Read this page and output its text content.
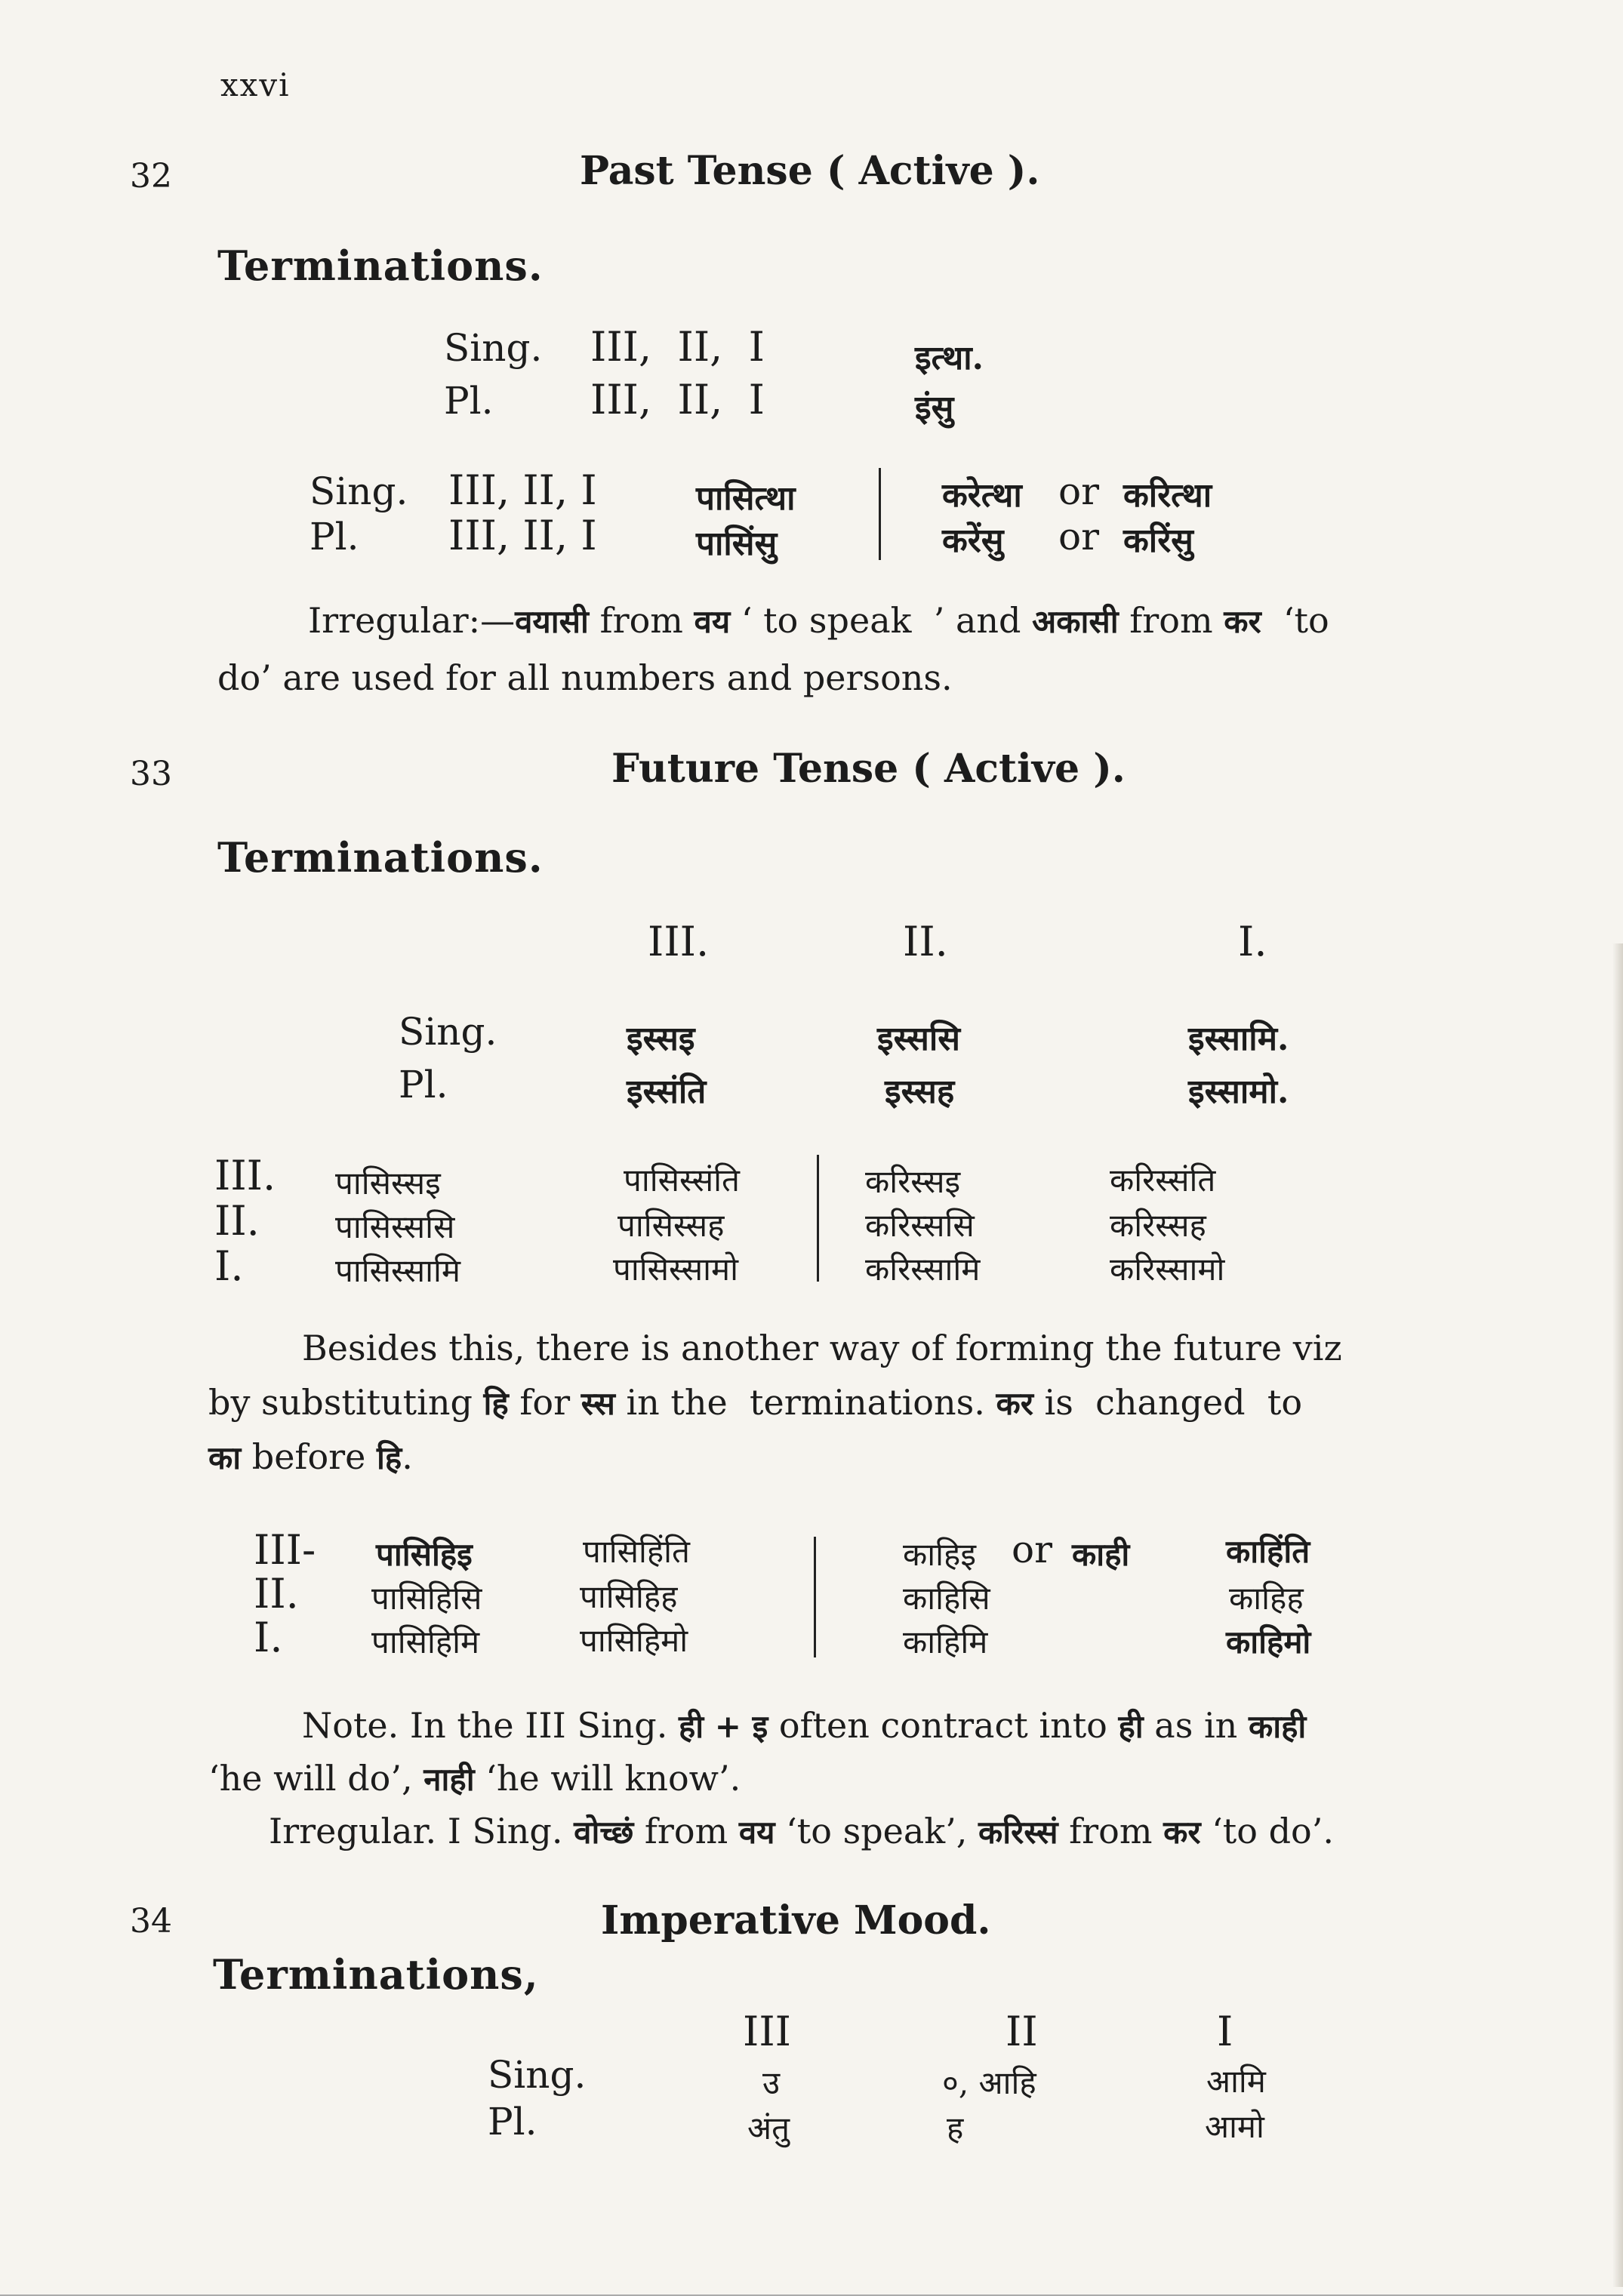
xxvi
32	Past Tense ( Active ).
Terminations.
Sing. III,  II,  I	इत्था.
Pl. III,  II,  I	इंसु
Sing. III, II, I	पासित्था	करेत्था or करित्था
Pl. III, II, I	पासिंसु	करेंसु or करिंसु
Irregular:—वयासी from वय ‘ to speak  ’ and अकासी from कर  ‘to
do’ are used for all numbers and persons.
33	Future Tense ( Active ).
Terminations.
III.	II.	I.
Sing.	इस्सइ	इस्ससि	इस्सामि.
Pl.	इस्संति	इस्सह	इस्सामो.
III. पासिस्सइ	पासिस्संति	करिस्सइ	करिस्संति
II. पासिस्ससि	पासिस्सह	करिस्ससि	करिस्सह
I.	पासिस्सामि	पासिस्सामो	करिस्सामि	करिस्सामो
Besides this, there is another way of forming the future viz
by substituting हि for स्स in the  terminations. कर is  changed  to
का before हि.
III- पासिहिइ	पासिहिंति	काहिइ or काही	काहिंति
II. पासिहिसि	पासिहिह	काहिसि	काहिह
I.	पासिहिमि	पासिहिमो	काहिमि	काहिमो
Note. In the III Sing. ही + इ often contract into ही as in काही
‘he will do’, नाही ‘he will know’.
Irregular. I Sing. वोच्छं from वय ‘to speak’, करिस्सं from कर ‘to do’.
34	Imperative Mood.
Terminations,
III	II	I
Sing.	उ	०, आहि	आमि
Pl.	अंतु	ह	आमो
